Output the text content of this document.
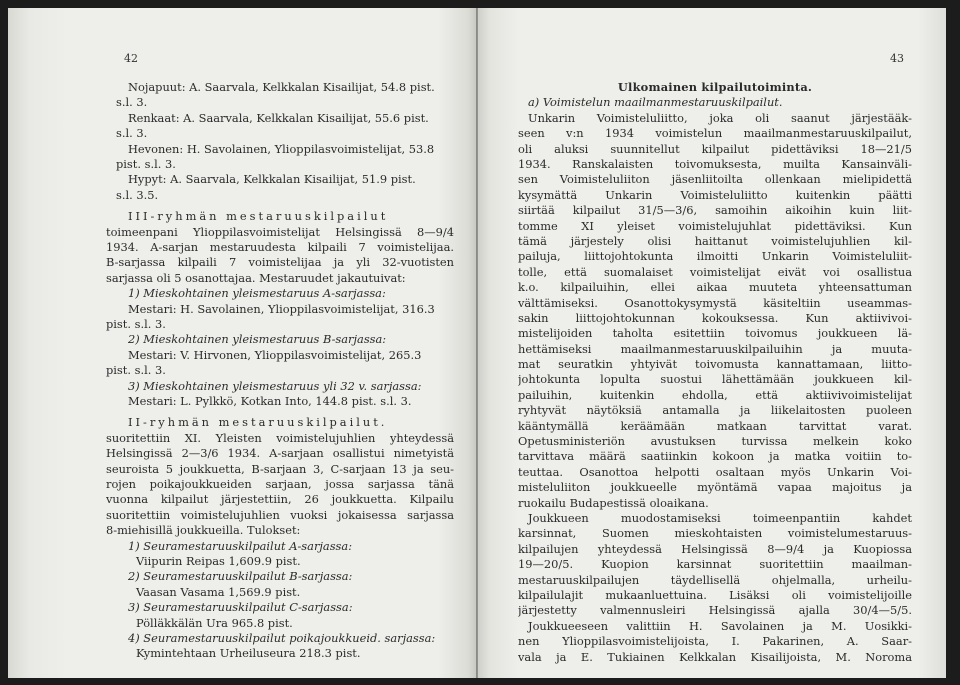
42
Nojapuut: A. Saarvala, Kelkkalan Kisailijat, 54.8 pist.
s.l. 3.
Renkaat: A. Saarvala, Kelkkalan Kisailijat, 55.6 pist.
s.l. 3.
Hevonen: H. Savolainen, Ylioppilasvoimistelijat, 53.8
pist. s.l. 3.
Hypyt: A. Saarvala, Kelkkalan Kisailijat, 51.9 pist.
s.l. 3.5.
III-ryhmän mestaruuskilpailut
toimeenpani Ylioppilasvoimistelijat Helsingissä 8—9/4
1934. A-sarjan mestaruudesta kilpaili 7 voimistelijaa.
B-sarjassa kilpaili 7 voimistelijaa ja yli 32-vuotisten
sarjassa oli 5 osanottajaa. Mestaruudet jakautuivat:
1) Mieskohtainen yleismestaruus A-sarjassa:
Mestari: H. Savolainen, Ylioppilasvoimistelijat, 316.3
pist. s.l. 3.
2) Mieskohtainen yleismestaruus B-sarjassa:
Mestari: V. Hirvonen, Ylioppilasvoimistelijat, 265.3
pist. s.l. 3.
3) Mieskohtainen yleismestaruus yli 32 v. sarjassa:
Mestari: L. Pylkkö, Kotkan Into, 144.8 pist. s.l. 3.
II-ryhmän mestaruuskilpailut.
suoritettiin XI. Yleisten voimistelujuhlien yhteydessä
Helsingissä 2—3/6 1934. A-sarjaan osallistui nimetyistä
seuroista 5 joukkuetta, B-sarjaan 3, C-sarjaan 13 ja seu-
rojen poikajoukkueiden sarjaan, jossa sarjassa tänä
vuonna kilpailut järjestettiin, 26 joukkuetta. Kilpailu
suoritettiin voimistelujuhlien vuoksi jokaisessa sarjassa
8-miehisillä joukkueilla. Tulokset:
1) Seuramestaruuskilpailut A-sarjassa:
Viipurin Reipas 1,609.9 pist.
2) Seuramestaruuskilpailut B-sarjassa:
Vaasan Vasama 1,569.9 pist.
3) Seuramestaruuskilpailut C-sarjassa:
Pölläkkälän Ura 965.8 pist.
4) Seuramestaruuskilpailut poikajoukkueid. sarjassa:
Kymintehtaan Urheiluseura 218.3 pist.
43
Ulkomainen kilpailutoiminta.
a) Voimistelun maailmanmestaruuskilpailut.
Unkarin Voimisteluliitto, joka oli saanut järjestääk-
seen v:n 1934 voimistelun maailmanmestaruuskilpailut,
oli aluksi suunnitellut kilpailut pidettäviksi 18—21/5
1934. Ranskalaisten toivomuksesta, muilta Kansainväli-
sen Voimisteluliiton jäsenliitoilta ollenkaan mielipidettä
kysymättä Unkarin Voimisteluliitto kuitenkin päätti
siirtää kilpailut 31/5—3/6, samoihin aikoihin kuin liit-
tomme XI yleiset voimistelujuhlat pidettäviksi. Kun
tämä järjestely olisi haittanut voimistelujuhlien kil-
pailuja, liittojohtokunta ilmoitti Unkarin Voimisteluliit-
tolle, että suomalaiset voimistelijat eivät voi osallistua
k.o. kilpailuihin, ellei aikaa muuteta yhteensattuman
välttämiseksi. Osanottokysymystä käsiteltiin useammas-
sakin liittojohtokunnan kokouksessa. Kun aktiivivoi-
mistelijoiden taholta esitettiin toivomus joukkueen lä-
hettämiseksi maailmanmestaruuskilpailuihin ja muuta-
mat seuratkin yhtyivät toivomusta kannattamaan, liitto-
johtokunta lopulta suostui lähettämään joukkueen kil-
pailuihin, kuitenkin ehdolla, että aktiivivoimistelijat
ryhtyvät näytöksiä antamalla ja liikelaitosten puoleen
kääntymällä keräämään matkaan tarvittat varat.
Opetusministeriön avustuksen turvissa melkein koko
tarvittava määrä saatiinkin kokoon ja matka voitiin to-
teuttaa. Osanottoa helpotti osaltaan myös Unkarin Voi-
misteluliiton joukkueelle myöntämä vapaa majoitus ja
ruokailu Budapestissä oloaikana.
Joukkueen muodostamiseksi toimeenpantiin kahdet
karsinnat, Suomen mieskohtaisten voimistelumestaruus-
kilpailujen yhteydessä Helsingissä 8—9/4 ja Kuopiossa
19—20/5. Kuopion karsinnat suoritettiin maailman-
mestaruuskilpailujen täydellisellä ohjelmalla, urheilu-
kilpailulajit mukaanluettuina. Lisäksi oli voimistelijoille
järjestetty valmennusleiri Helsingissä ajalla 30/4—5/5.
Joukkueeseen valittiin H. Savolainen ja M. Uosikki-
nen Ylioppilasvoimistelijoista, I. Pakarinen, A. Saar-
vala ja E. Tukiainen Kelkkalan Kisailijoista, M. Noroma
